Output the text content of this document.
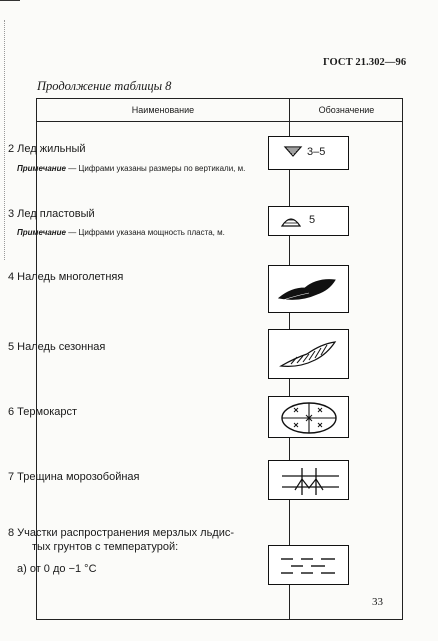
ГОСТ 21.302—96
Продолжение таблицы 8
Наименование	Обозначение
2 Лед жильный
Примечание — Цифрами указаны размеры по вертикали, м.
3–5
3 Лед пластовый
Примечание — Цифрами указана мощность пласта, м.
5
4 Наледь многолетняя
5 Наледь сезонная
6 Термокарст
7 Трещина морозобойная
8 Участки распространения мерзлых льдис-
тых грунтов с температурой:
а) от 0 до −1 °С
33
